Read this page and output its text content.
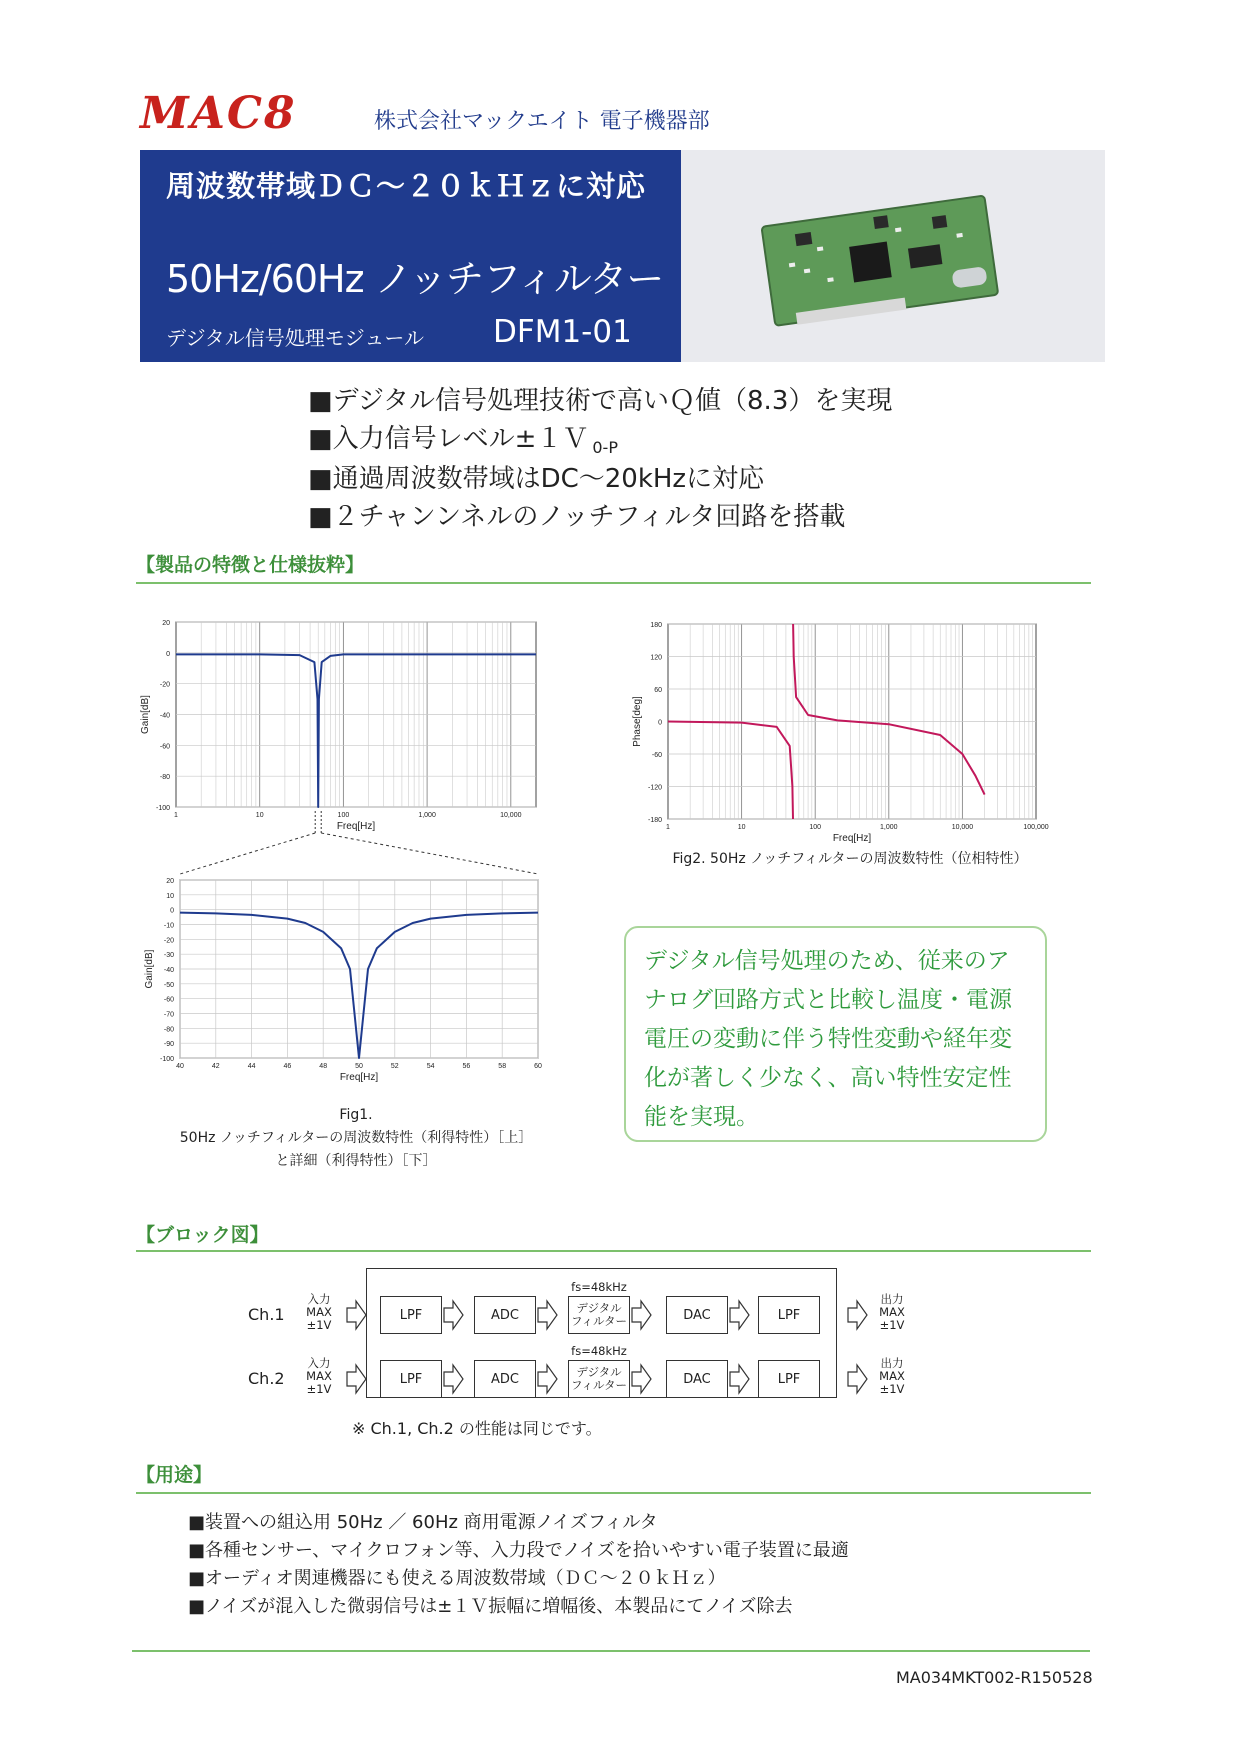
MAC8	株式会社マックエイト 電子機器部
周波数帯域ＤＣ～２０ｋＨｚに対応
50Hz/60Hz ノッチフィルター
デジタル信号処理モジュール DFM1-01
■デジタル信号処理技術で高いＱ値（8.3）を実現
■入力信号レベル±１Ｖ $_{0-P}$
■通過周波数帯域はDC～20kHzに対応
■２チャンンネルのノッチフィルタ回路を搭載
【製品の特徴と仕様抜粋】
20
0
-20
-40
-60
-80
-100
1	10	100	1,000	10,000
Freq[Hz]
Gain[dB]
180
120
60
0
-60
-120
-180
1	10	100	1,000	10,000	100,000
Freq[Hz]
Phase[deg]
20
10
0
-10
-20
-30
-40
-50
-60
-70
-80
-90
-100
40	42	44	46	48	50	52	54	56	58	60
Freq[Hz]
Gain[dB]
Fig1.
50Hz ノッチフィルターの周波数特性（利得特性）［上］
と詳細（利得特性）［下］
Fig2. 50Hz ノッチフィルターの周波数特性（位相特性）
デジタル信号処理のため、従来のア
ナログ回路方式と比較し温度・電源
電圧の変動に伴う特性変動や経年変
化が著しく少なく、高い特性安定性
能を実現。
【ブロック図】
Ch.1
入力
MAX
±1V
出力
MAX
±1V
LPF	ADC	デジタル
フィルター	DAC	LPF
fs=48kHz
Ch.2
入力
MAX
±1V
出力
MAX
±1V
LPF	ADC	デジタル
フィルター	DAC	LPF
fs=48kHz
※ Ch.1, Ch.2 の性能は同じです。
【用途】
■装置への組込用 50Hz ／ 60Hz 商用電源ノイズフィルタ
■各種センサー、マイクロフォン等、入力段でノイズを拾いやすい電子装置に最適
■オーディオ関連機器にも使える周波数帯域（ＤＣ～２０ｋＨｚ）
■ノイズが混入した微弱信号は±１Ｖ振幅に増幅後、本製品にてノイズ除去
MA034MKT002-R150528
